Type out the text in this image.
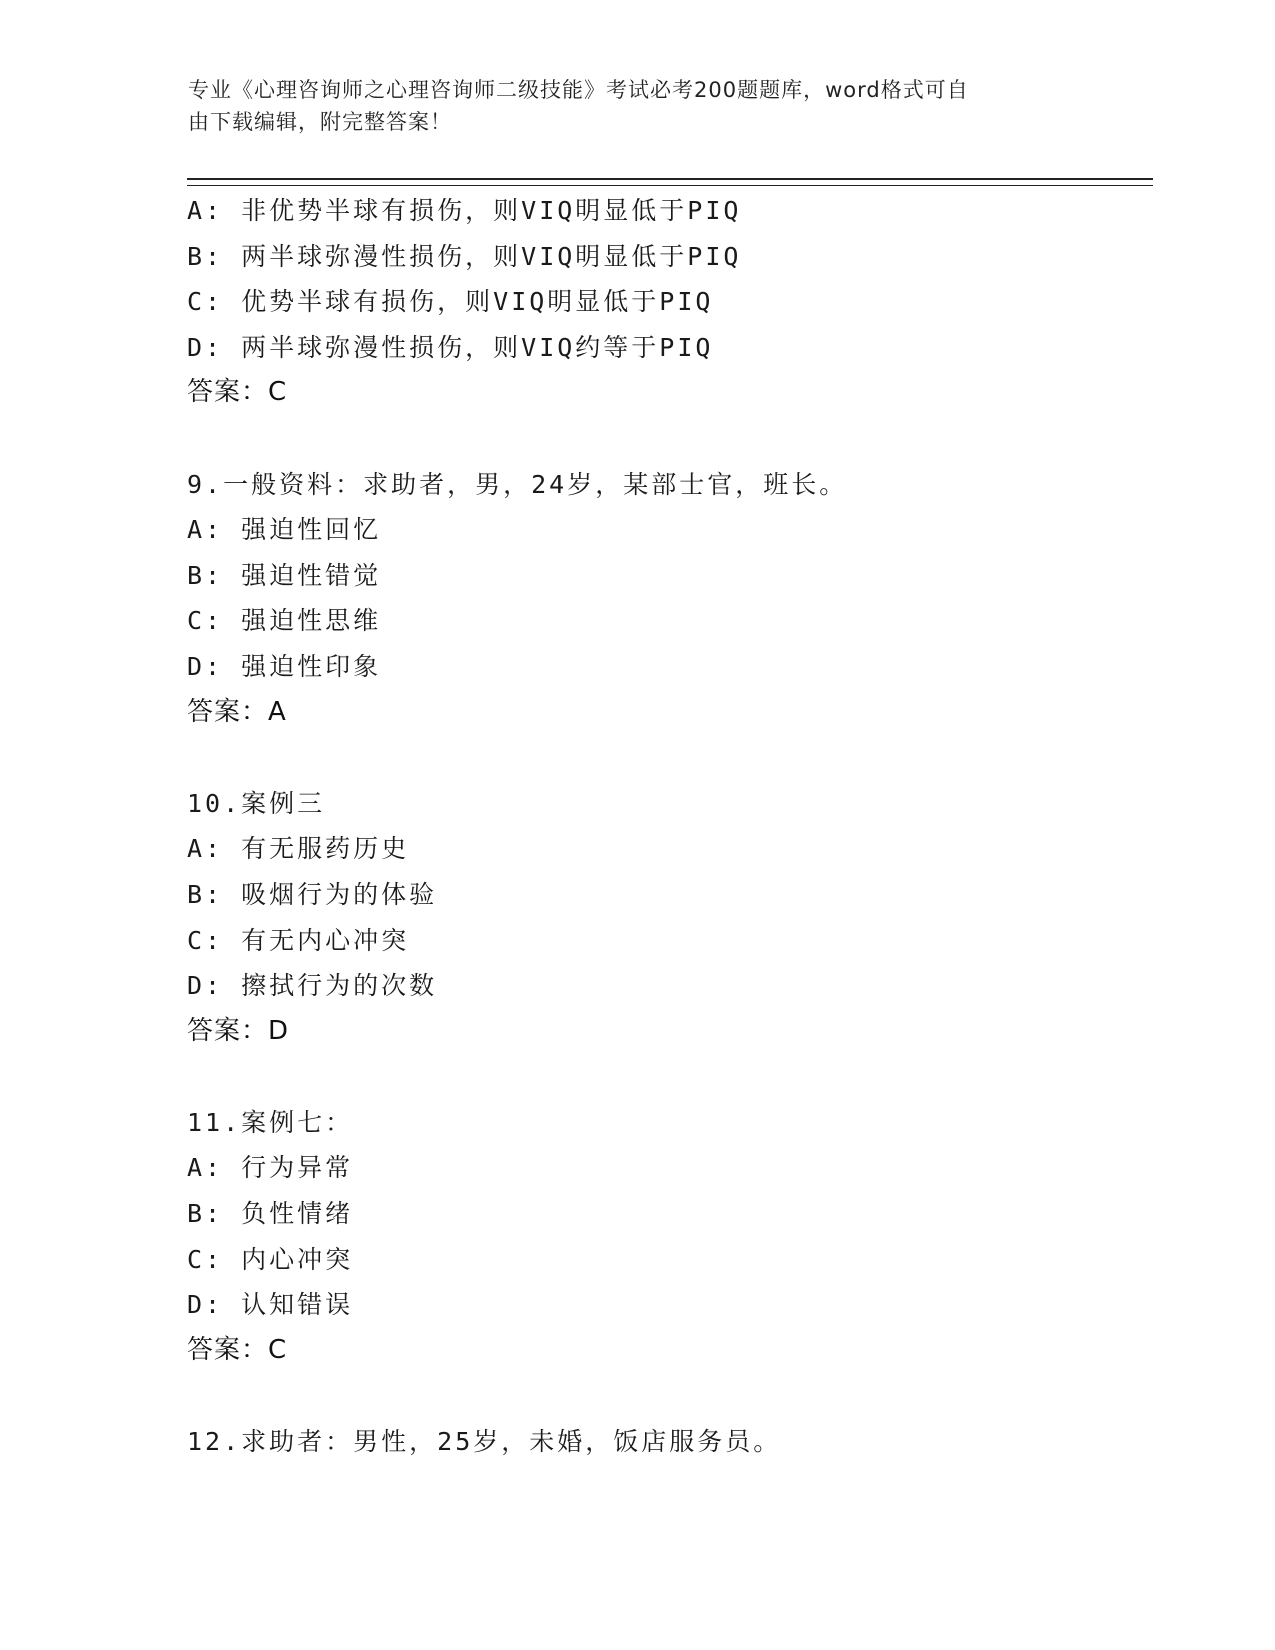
专业《心理咨询师之心理咨询师二级技能》考试必考200题题库，word格式可自
由下载编辑，附完整答案！
A: 非优势半球有损伤，则VIQ明显低于PIQ
B: 两半球弥漫性损伤，则VIQ明显低于PIQ
C: 优势半球有损伤，则VIQ明显低于PIQ
D: 两半球弥漫性损伤，则VIQ约等于PIQ
答案：C
9.一般资料：求助者，男，24岁，某部士官，班长。
A: 强迫性回忆
B: 强迫性错觉
C: 强迫性思维
D: 强迫性印象
答案：A
10.案例三
A: 有无服药历史
B: 吸烟行为的体验
C: 有无内心冲突
D: 擦拭行为的次数
答案：D
11.案例七：
A: 行为异常
B: 负性情绪
C: 内心冲突
D: 认知错误
答案：C
12.求助者：男性，25岁，未婚，饭店服务员。
